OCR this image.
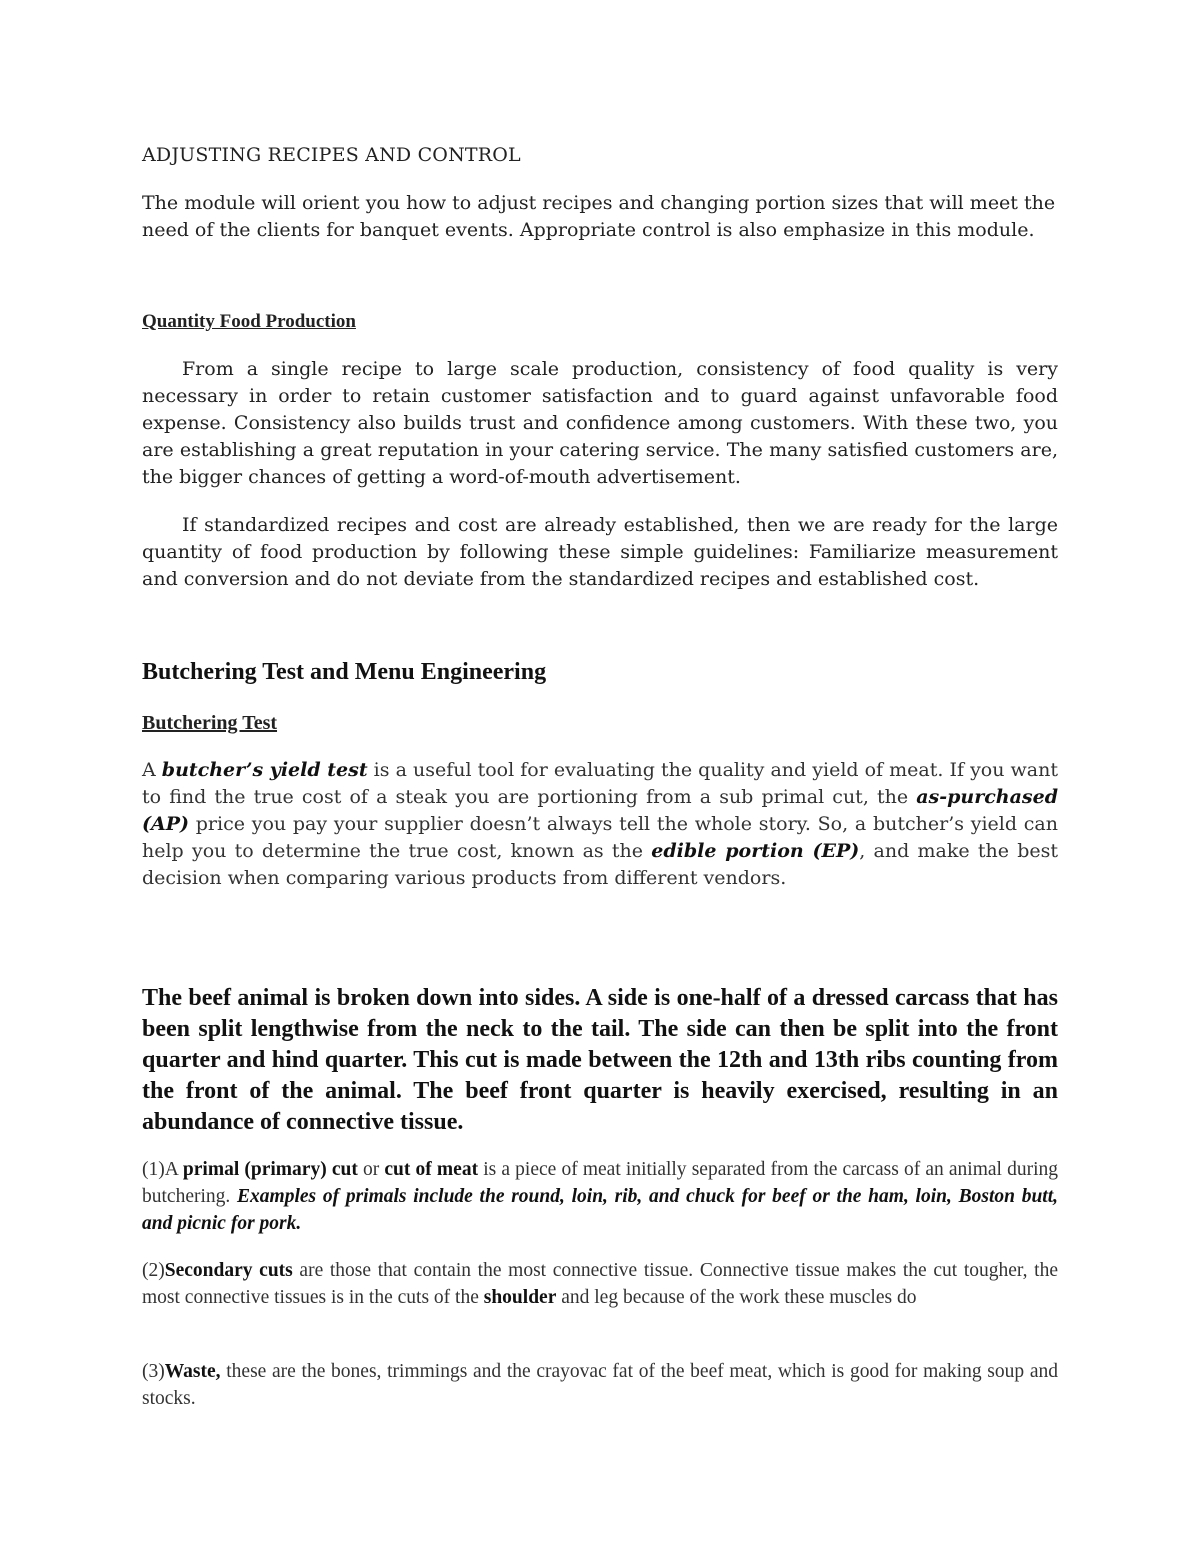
ADJUSTING RECIPES AND CONTROL
The module will orient you how to adjust recipes and changing portion sizes that will meet the need of the clients for banquet events. Appropriate control is also emphasize in this module.
Quantity Food Production
From a single recipe to large scale production, consistency of food quality is very necessary in order to retain customer satisfaction and to guard against unfavorable food expense. Consistency also builds trust and confidence among customers. With these two, you are establishing a great reputation in your catering service. The many satisfied customers are, the bigger chances of getting a word-of-mouth advertisement.
If standardized recipes and cost are already established, then we are ready for the large quantity of food production by following these simple guidelines: Familiarize measurement and conversion and do not deviate from the standardized recipes and established cost.
Butchering Test and Menu Engineering
Butchering Test
A butcher’s yield test is a useful tool for evaluating the quality and yield of meat. If you want to find the true cost of a steak you are portioning from a sub primal cut, the as-purchased (AP) price you pay your supplier doesn’t always tell the whole story. So, a butcher’s yield can help you to determine the true cost, known as the edible portion (EP), and make the best decision when comparing various products from different vendors.
The beef animal is broken down into sides. A side is one-half of a dressed carcass that has been split lengthwise from the neck to the tail. The side can then be split into the front quarter and hind quarter. This cut is made between the 12th and 13th ribs counting from the front of the animal. The beef front quarter is heavily exercised, resulting in an abundance of connective tissue.
(1)A primal (primary) cut or cut of meat is a piece of meat initially separated from the carcass of an animal during butchering. Examples of primals include the round, loin, rib, and chuck for beef or the ham, loin, Boston butt, and picnic for pork.
(2)Secondary cuts are those that contain the most connective tissue. Connective tissue makes the cut tougher, the most connective tissues is in the cuts of the shoulder and leg because of the work these muscles do
(3)Waste, these are the bones, trimmings and the crayovac fat of the beef meat, which is good for making soup and stocks.
